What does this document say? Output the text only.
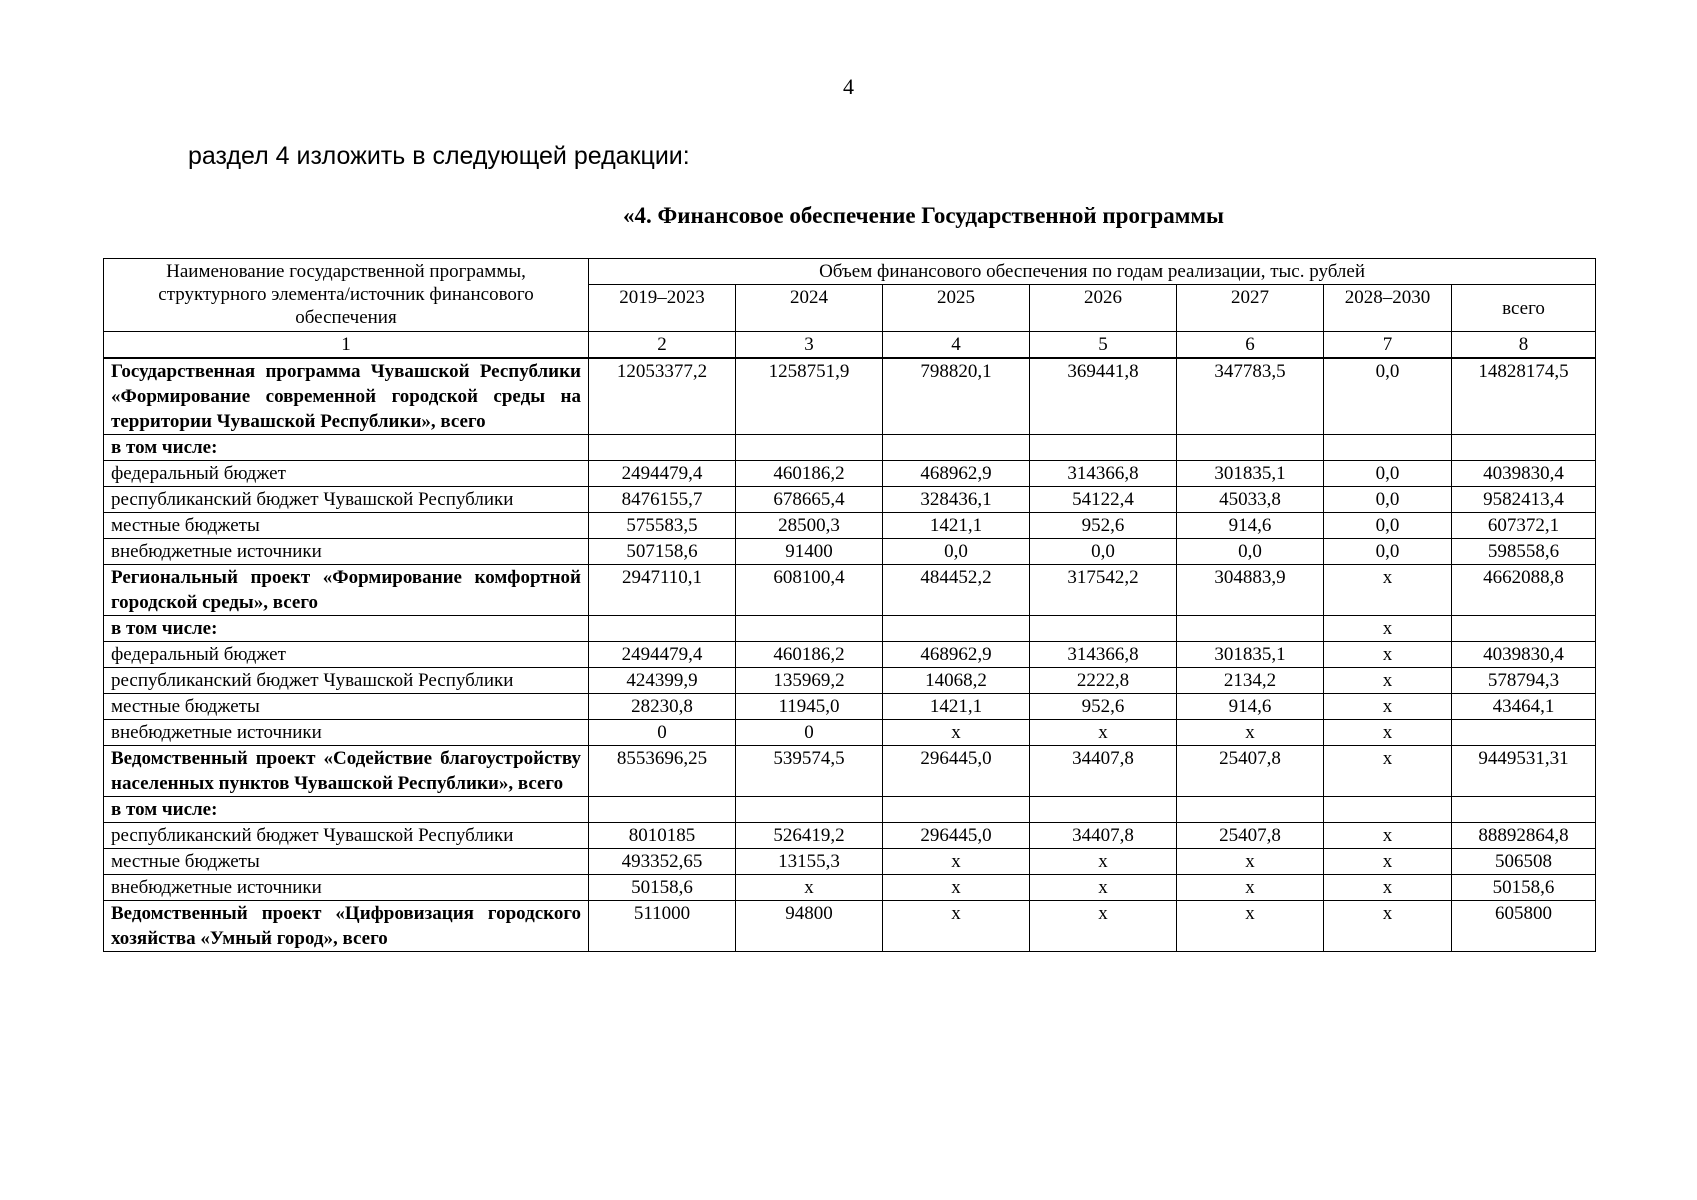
4
раздел 4 изложить в следующей редакции:
«4. Финансовое обеспечение Государственной программы
Наименование государственной программы, структурного элемента/источник финансового обеспечения	Объем финансового обеспечения по годам реализации, тыс. рублей						
	2019–2023	2024	2025	2026	2027	2028–2030	всего
1	2	3	4	5	6	7	8
Государственная программа Чувашской Республики «Формирование современной городской среды на территории Чувашской Республики», всего	12053377,2	1258751,9	798820,1	369441,8	347783,5	0,0	14828174,5
в том числе:							
федеральный бюджет	2494479,4	460186,2	468962,9	314366,8	301835,1	0,0	4039830,4
республиканский бюджет Чувашской Республики	8476155,7	678665,4	328436,1	54122,4	45033,8	0,0	9582413,4
местные бюджеты	575583,5	28500,3	1421,1	952,6	914,6	0,0	607372,1
внебюджетные источники	507158,6	91400	0,0	0,0	0,0	0,0	598558,6
Региональный проект «Формирование комфортной городской среды», всего	2947110,1	608100,4	484452,2	317542,2	304883,9	х	4662088,8
в том числе:						х	
федеральный бюджет	2494479,4	460186,2	468962,9	314366,8	301835,1	х	4039830,4
республиканский бюджет Чувашской Республики	424399,9	135969,2	14068,2	2222,8	2134,2	х	578794,3
местные бюджеты	28230,8	11945,0	1421,1	952,6	914,6	х	43464,1
внебюджетные источники	0	0	х	х	х	х	
Ведомственный проект «Содействие благоустройству населенных пунктов Чувашской Республики», всего	8553696,25	539574,5	296445,0	34407,8	25407,8	х	9449531,31
в том числе:							
республиканский бюджет Чувашской Республики	8010185	526419,2	296445,0	34407,8	25407,8	х	88892864,8
местные бюджеты	493352,65	13155,3	х	х	х	х	506508
внебюджетные источники	50158,6	х	х	х	х	х	50158,6
Ведомственный проект «Цифровизация городского хозяйства «Умный город», всего	511000	94800	х	х	х	х	605800
